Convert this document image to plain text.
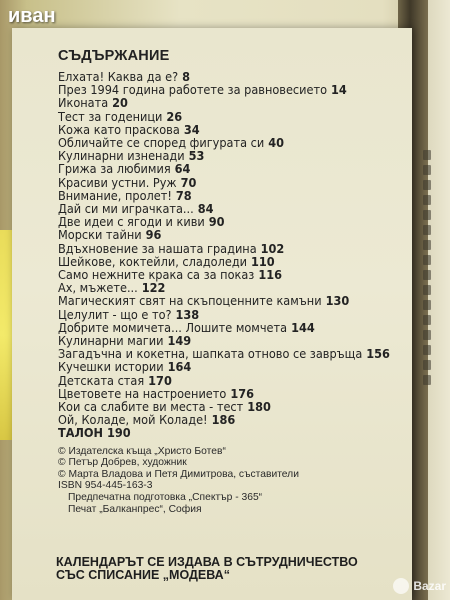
иван
СЪДЪРЖАНИЕ
Елхата! Каква да е? 8
През 1994 година работете за равновесието 14
Иконата 20
Тест за годеници 26
Кожа като праскова 34
Обличайте се според фигурата си 40
Кулинарни изненади 53
Грижа за любимия 64
Красиви устни. Руж 70
Внимание, пролет! 78
Дай си ми играчката... 84
Две идеи с ягоди и киви 90
Морски тайни 96
Вдъхновение за нашата градина 102
Шейкове, коктейли, сладоледи 110
Само нежните крака са за показ 116
Ах, мъжете... 122
Магическият свят на скъпоценните камъни 130
Целулит - що е то? 138
Добрите момичета... Лошите момчета 144
Кулинарни магии 149
Загадъчна и кокетна, шапката отново се завръща 156
Кучешки истории 164
Детската стая 170
Цветовете на настроението 176
Кои са слабите ви места - тест 180
Ой, Коладе, мой Коладе! 186
ТАЛОН 190
© Издателска къща „Христо Ботев“
© Петър Добрев, художник
© Марта Владова и Петя Димитрова, съставители
ISBN 954-445-163-3
Предпечатна подготовка „Спектър - 365“
Печат „Балканпрес“, София
КАЛЕНДАРЪТ СЕ ИЗДАВА В СЪТРУДНИЧЕСТВО
СЪС СПИСАНИЕ „МОДЕВА“
Bazar
